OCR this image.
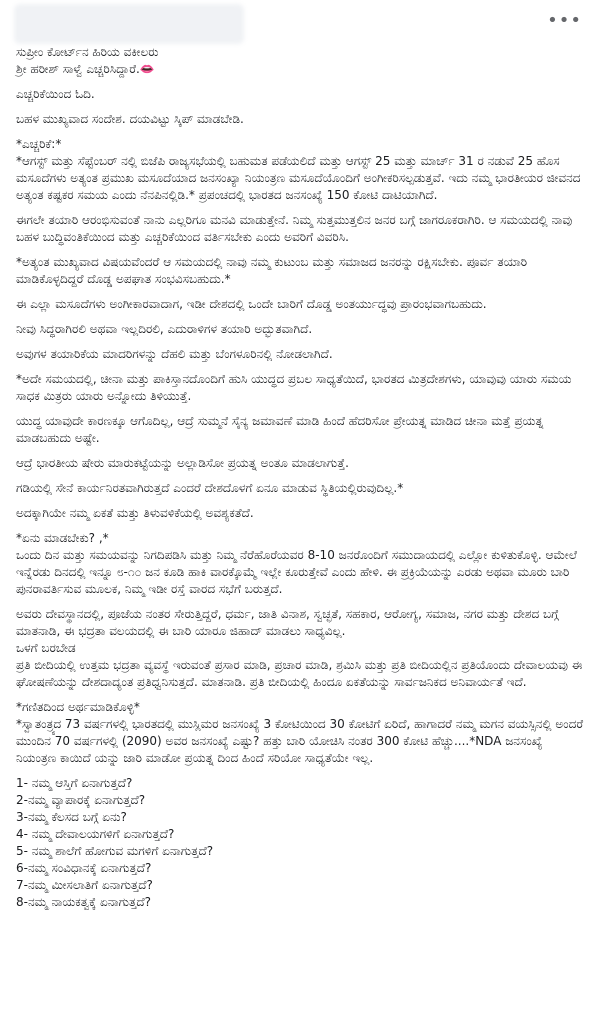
•••

ಸುಪ್ರೀಂ ಕೋರ್ಟ್‌ನ ಹಿರಿಯ ವಕೀಲರು

ಶ್ರೀ ಹರೀಶ್ ಸಾಳ್ವೆ ಎಚ್ಚರಿಸಿದ್ದಾರೆ.👄

ಎಚ್ಚರಿಕೆಯಿಂದ ಓದಿ.

ಬಹಳ ಮುಖ್ಯವಾದ ಸಂದೇಶ. ದಯವಿಟ್ಟು ಸ್ಕಿಪ್ ಮಾಡಬೇಡಿ.

*ಎಚ್ಚರಿಕೆ:*

*ಆಗಸ್ಟ್ ಮತ್ತು ಸೆಪ್ಟೆಂಬರ್ ನಲ್ಲಿ ಬಿಜೆಪಿ ರಾಜ್ಯಸಭೆಯಲ್ಲಿ ಬಹುಮತ ಪಡೆಯಲಿದೆ ಮತ್ತು ಆಗಸ್ಟ್ 25 ಮತ್ತು ಮಾರ್ಚ್ 31 ರ ನಡುವೆ 25 ಹೊಸ ಮಸೂದೆಗಳು ಅತ್ಯಂತ ಪ್ರಮುಖ ಮಸೂದೆಯಾದ ಜನಸಂಖ್ಯಾ ನಿಯಂತ್ರಣ ಮಸೂದೆಯೊಂದಿಗೆ ಅಂಗೀಕರಿಸಲ್ಪಡುತ್ತವೆ. ಇದು ನಮ್ಮ ಭಾರತೀಯರ ಜೀವನದ ಅತ್ಯಂತ ಕಷ್ಟಕರ ಸಮಯ ಎಂದು ನೆನಪಿನಲ್ಲಿಡಿ.* ಪ್ರಪಂಚದಲ್ಲಿ ಭಾರತದ ಜನಸಂಖ್ಯೆ 150 ಕೋಟಿ ದಾಟಿಯಾಗಿದೆ.

ಈಗಲೇ ತಯಾರಿ ಆರಂಭಿಸುವಂತೆ ನಾನು ಎಲ್ಲರಿಗೂ ಮನವಿ ಮಾಡುತ್ತೇನೆ. ನಿಮ್ಮ ಸುತ್ತಮುತ್ತಲಿನ ಜನರ ಬಗ್ಗೆ ಜಾಗರೂಕರಾಗಿರಿ. ಆ ಸಮಯದಲ್ಲಿ ನಾವು ಬಹಳ ಬುದ್ಧಿವಂತಿಕೆಯಿಂದ ಮತ್ತು ಎಚ್ಚರಿಕೆಯಿಂದ ವರ್ತಿಸಬೇಕು ಎಂದು ಅವರಿಗೆ ವಿವರಿಸಿ.

*ಅತ್ಯಂತ ಮುಖ್ಯವಾದ ವಿಷಯವೆಂದರೆ ಆ ಸಮಯದಲ್ಲಿ ನಾವು ನಮ್ಮ ಕುಟುಂಬ ಮತ್ತು ಸಮಾಜದ ಜನರನ್ನು ರಕ್ಷಿಸಬೇಕು. ಪೂರ್ವ ತಯಾರಿ ಮಾಡಿಕೊಳ್ಳದಿದ್ದರೆ ದೊಡ್ಡ ಅಪಘಾತ ಸಂಭವಿಸಬಹುದು.*

ಈ ಎಲ್ಲಾ ಮಸೂದೆಗಳು ಅಂಗೀಕಾರವಾದಾಗ, ಇಡೀ ದೇಶದಲ್ಲಿ ಒಂದೇ ಬಾರಿಗೆ ದೊಡ್ಡ ಅಂತರ್ಯುದ್ಧವು ಪ್ರಾರಂಭವಾಗಬಹುದು.

ನೀವು ಸಿದ್ಧರಾಗಿರಲಿ ಅಥವಾ ಇಲ್ಲದಿರಲಿ, ಎದುರಾಳಿಗಳ ತಯಾರಿ ಅದ್ಭುತವಾಗಿದೆ.

ಅವುಗಳ ತಯಾರಿಕೆಯ ಮಾದರಿಗಳನ್ನು ದೆಹಲಿ ಮತ್ತು ಬೆಂಗಳೂರಿನಲ್ಲಿ ನೋಡಲಾಗಿದೆ.

*ಅದೇ ಸಮಯದಲ್ಲಿ, ಚೀನಾ ಮತ್ತು ಪಾಕಿಸ್ತಾನದೊಂದಿಗೆ ಹುಸಿ ಯುದ್ಧದ ಪ್ರಬಲ ಸಾಧ್ಯತೆಯಿದೆ, ಭಾರತದ ಮಿತ್ರದೇಶಗಳು, ಯಾವುವು ಯಾರು ಸಮಯ ಸಾಧಕ ಮಿತ್ರರು ಯಾರು ಅನ್ನೋದು ತಿಳಿಯುತ್ತೆ.

ಯುದ್ಧ ಯಾವುದೇ ಕಾರಣಕ್ಕೂ ಆಗೊದಿಲ್ಲ, ಆದ್ರೆ ಸುಮ್ಮನೆ ಸೈನ್ಯ ಜಮಾವಣೆ ಮಾಡಿ ಹಿಂದೆ ಹೆದರಿಸೋ ಪ್ರೇಯತ್ನ ಮಾಡಿದ ಚೀನಾ ಮತ್ತೆ ಪ್ರಯತ್ನ ಮಾಡಬಹುದು ಅಷ್ಟೇ.

ಆದ್ರೆ ಭಾರತೀಯ ಷೇರು ಮಾರುಕಟ್ಟೆಯನ್ನು ಅಲ್ಲಾಡಿಸೋ ಪ್ರಯತ್ನ ಅಂತೂ ಮಾಡಲಾಗುತ್ತೆ.

ಗಡಿಯಲ್ಲಿ ಸೇನೆ ಕಾರ್ಯನಿರತವಾಗಿರುತ್ತದೆ ಎಂದರೆ ದೇಶದೊಳಗೆ ಏನೂ ಮಾಡುವ ಸ್ಥಿತಿಯಲ್ಲಿರುವುದಿಲ್ಲ.*

ಅದಕ್ಕಾಗಿಯೇ ನಮ್ಮ ಏಕತೆ ಮತ್ತು ತಿಳುವಳಿಕೆಯಲ್ಲಿ ಅವಶ್ಯಕತೆದೆ.

*ಏನು ಮಾಡಬೇಕು? ,*

ಒಂದು ದಿನ ಮತ್ತು ಸಮಯವನ್ನು ನಿಗದಿಪಡಿಸಿ ಮತ್ತು ನಿಮ್ಮ ನೆರೆಹೊರೆಯವರ 8-10 ಜನರೊಂದಿಗೆ ಸಮುದಾಯದಲ್ಲಿ ಎಲ್ಲೋ ಕುಳಿತುಕೊಳ್ಳಿ. ಆಮೇಲೆ ಇನ್ನೆರಡು ದಿನದಲ್ಲಿ ಇನ್ನೂ ೮-೧೦ ಜನ ಕೂಡಿ ಹಾಕಿ ವಾರಕ್ಕೊಮ್ಮೆ ಇಲ್ಲೇ ಕೂರುತ್ತೇವೆ ಎಂದು ಹೇಳಿ. ಈ ಪ್ರಕ್ರಿಯೆಯನ್ನು ಎರಡು ಅಥವಾ ಮೂರು ಬಾರಿ ಪುನರಾವರ್ತಿಸುವ ಮೂಲಕ, ನಿಮ್ಮ ಇಡೀ ರಸ್ತೆ ವಾರದ ಸಭೆಗೆ ಬರುತ್ತದೆ.

ಅವರು ದೇವಸ್ಥಾನದಲ್ಲಿ, ಪೂಜೆಯ ನಂತರ ಸೇರುತ್ತಿದ್ದರೆ, ಧರ್ಮ, ಜಾತಿ ವಿನಾಶ, ಸ್ವಚ್ಛತೆ, ಸಹಕಾರ, ಆರೋಗ್ಯ, ಸಮಾಜ, ನಗರ ಮತ್ತು ದೇಶದ ಬಗ್ಗೆ ಮಾತನಾಡಿ, ಈ ಭದ್ರತಾ ವಲಯದಲ್ಲಿ ಈ ಬಾರಿ ಯಾರೂ ಜಿಹಾದ್ ಮಾಡಲು ಸಾಧ್ಯವಿಲ್ಲ.

ಒಳಗೆ ಬರಬೇಡ

ಪ್ರತಿ ಬೀದಿಯಲ್ಲಿ ಉತ್ತಮ ಭದ್ರತಾ ವ್ಯವಸ್ಥೆ ಇರುವಂತೆ ಪ್ರಸಾರ ಮಾಡಿ, ಪ್ರಚಾರ ಮಾಡಿ, ಶ್ರಮಿಸಿ ಮತ್ತು ಪ್ರತಿ ಬೀದಿಯಲ್ಲಿನ ಪ್ರತಿಯೊಂದು ದೇವಾಲಯವು ಈ ಘೋಷಣೆಯನ್ನು ದೇಶದಾದ್ಯಂತ ಪ್ರತಿಧ್ವನಿಸುತ್ತದೆ. ಮಾತನಾಡಿ. ಪ್ರತಿ ಬೀದಿಯಲ್ಲಿ ಹಿಂದೂ ಏಕತೆಯನ್ನು ಸಾರ್ವಜನಿಕದ ಅನಿವಾರ್ಯತೆ ಇದೆ.

*ಗಣಿತದಿಂದ ಅರ್ಥಮಾಡಿಕೊಳ್ಳಿ*

*ಸ್ವಾತಂತ್ರ್ಯದ 73 ವರ್ಷಗಳಲ್ಲಿ ಭಾರತದಲ್ಲಿ ಮುಸ್ಲಿಮರ ಜನಸಂಖ್ಯೆ 3 ಕೋಟಿಯಿಂದ 30 ಕೋಟಿಗೆ ಏರಿದೆ, ಹಾಗಾದರೆ ನಮ್ಮ ಮಗನ ವಯಸ್ಸಿನಲ್ಲಿ ಅಂದರೆ ಮುಂದಿನ 70 ವರ್ಷಗಳಲ್ಲಿ (2090) ಅವರ ಜನಸಂಖ್ಯೆ ಎಷ್ಟು? ಹತ್ತು ಬಾರಿ ಯೋಚಿಸಿ ನಂತರ 300 ಕೋಟಿ ಹೆಚ್ಚು....*NDA ಜನಸಂಖ್ಯೆ ನಿಯಂತ್ರಣ ಕಾಯಿದೆ ಯನ್ನು ಜಾರಿ ಮಾಡೋ ಪ್ರಯತ್ನ ದಿಂದ ಹಿಂದೆ ಸರಿಯೋ ಸಾಧ್ಯತೆಯೇ ಇಲ್ಲ.

1- ನಮ್ಮ ಆಸ್ತಿಗೆ ಏನಾಗುತ್ತದೆ?
2-ನಮ್ಮ ವ್ಯಾಪಾರಕ್ಕೆ ಏನಾಗುತ್ತದೆ?
3-ನಮ್ಮ ಕೆಲಸದ ಬಗ್ಗೆ ಏನು?
4- ನಮ್ಮ ದೇವಾಲಯಗಳಿಗೆ ಏನಾಗುತ್ತದೆ?
5- ನಮ್ಮ ಶಾಲೆಗೆ ಹೋಗುವ ಮಗಳಿಗೆ ಏನಾಗುತ್ತದೆ?
6-ನಮ್ಮ ಸಂವಿಧಾನಕ್ಕೆ ಏನಾಗುತ್ತದೆ?
7-ನಮ್ಮ ಮೀಸಲಾತಿಗೆ ಏನಾಗುತ್ತದೆ?
8-ನಮ್ಮ ನಾಯಕತ್ವಕ್ಕೆ ಏನಾಗುತ್ತದೆ?
